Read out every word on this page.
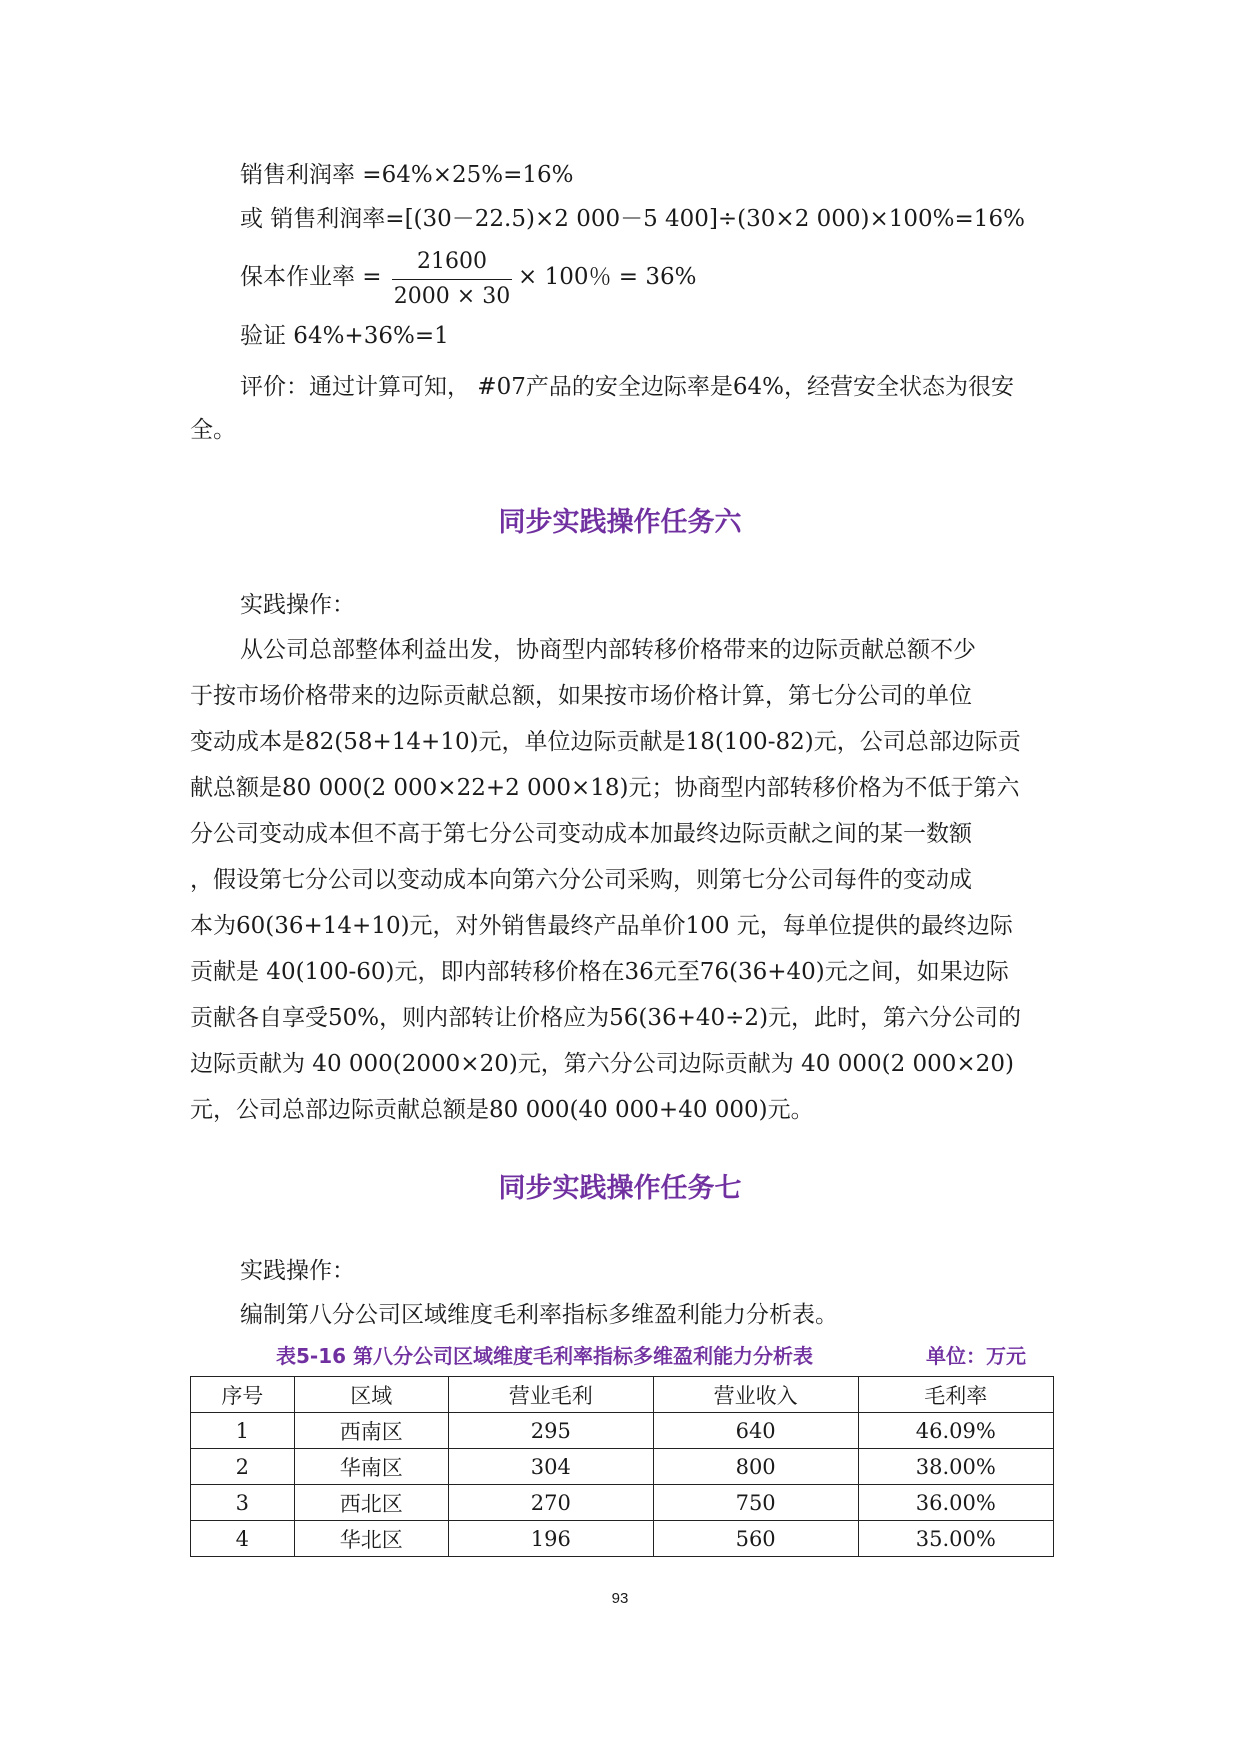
销售利润率 =64%×25%=16%
或 销售利润率=[(30－22.5)×2 000－5 400]÷(30×2 000)×100%=16%
保本作业率 =
21600
2000 × 30
× 100％ = 36%
验证 64%+36%=1
评价：通过计算可知， #07产品的安全边际率是64%，经营安全状态为很安
全。
同步实践操作任务六
实践操作：
从公司总部整体利益出发，协商型内部转移价格带来的边际贡献总额不少
于按市场价格带来的边际贡献总额，如果按市场价格计算，第七分公司的单位
变动成本是82(58+14+10)元，单位边际贡献是18(100-82)元，公司总部边际贡
献总额是80 000(2 000×22+2 000×18)元；协商型内部转移价格为不低于第六
分公司变动成本但不高于第七分公司变动成本加最终边际贡献之间的某一数额
，假设第七分公司以变动成本向第六分公司采购，则第七分公司每件的变动成
本为60(36+14+10)元，对外销售最终产品单价100 元，每单位提供的最终边际
贡献是 40(100-60)元，即内部转移价格在36元至76(36+40)元之间，如果边际
贡献各自享受50%，则内部转让价格应为56(36+40÷2)元，此时，第六分公司的
边际贡献为 40 000(2000×20)元，第六分公司边际贡献为 40 000(2 000×20)
元，公司总部边际贡献总额是80 000(40 000+40 000)元。
同步实践操作任务七
实践操作：
编制第八分公司区域维度毛利率指标多维盈利能力分析表。
表5-16 第八分公司区域维度毛利率指标多维盈利能力分析表	单位：万元
序号	区域	营业毛利	营业收入	毛利率
1	西南区	295	640	46.09%
2	华南区	304	800	38.00%
3	西北区	270	750	36.00%
4	华北区	196	560	35.00%
93
